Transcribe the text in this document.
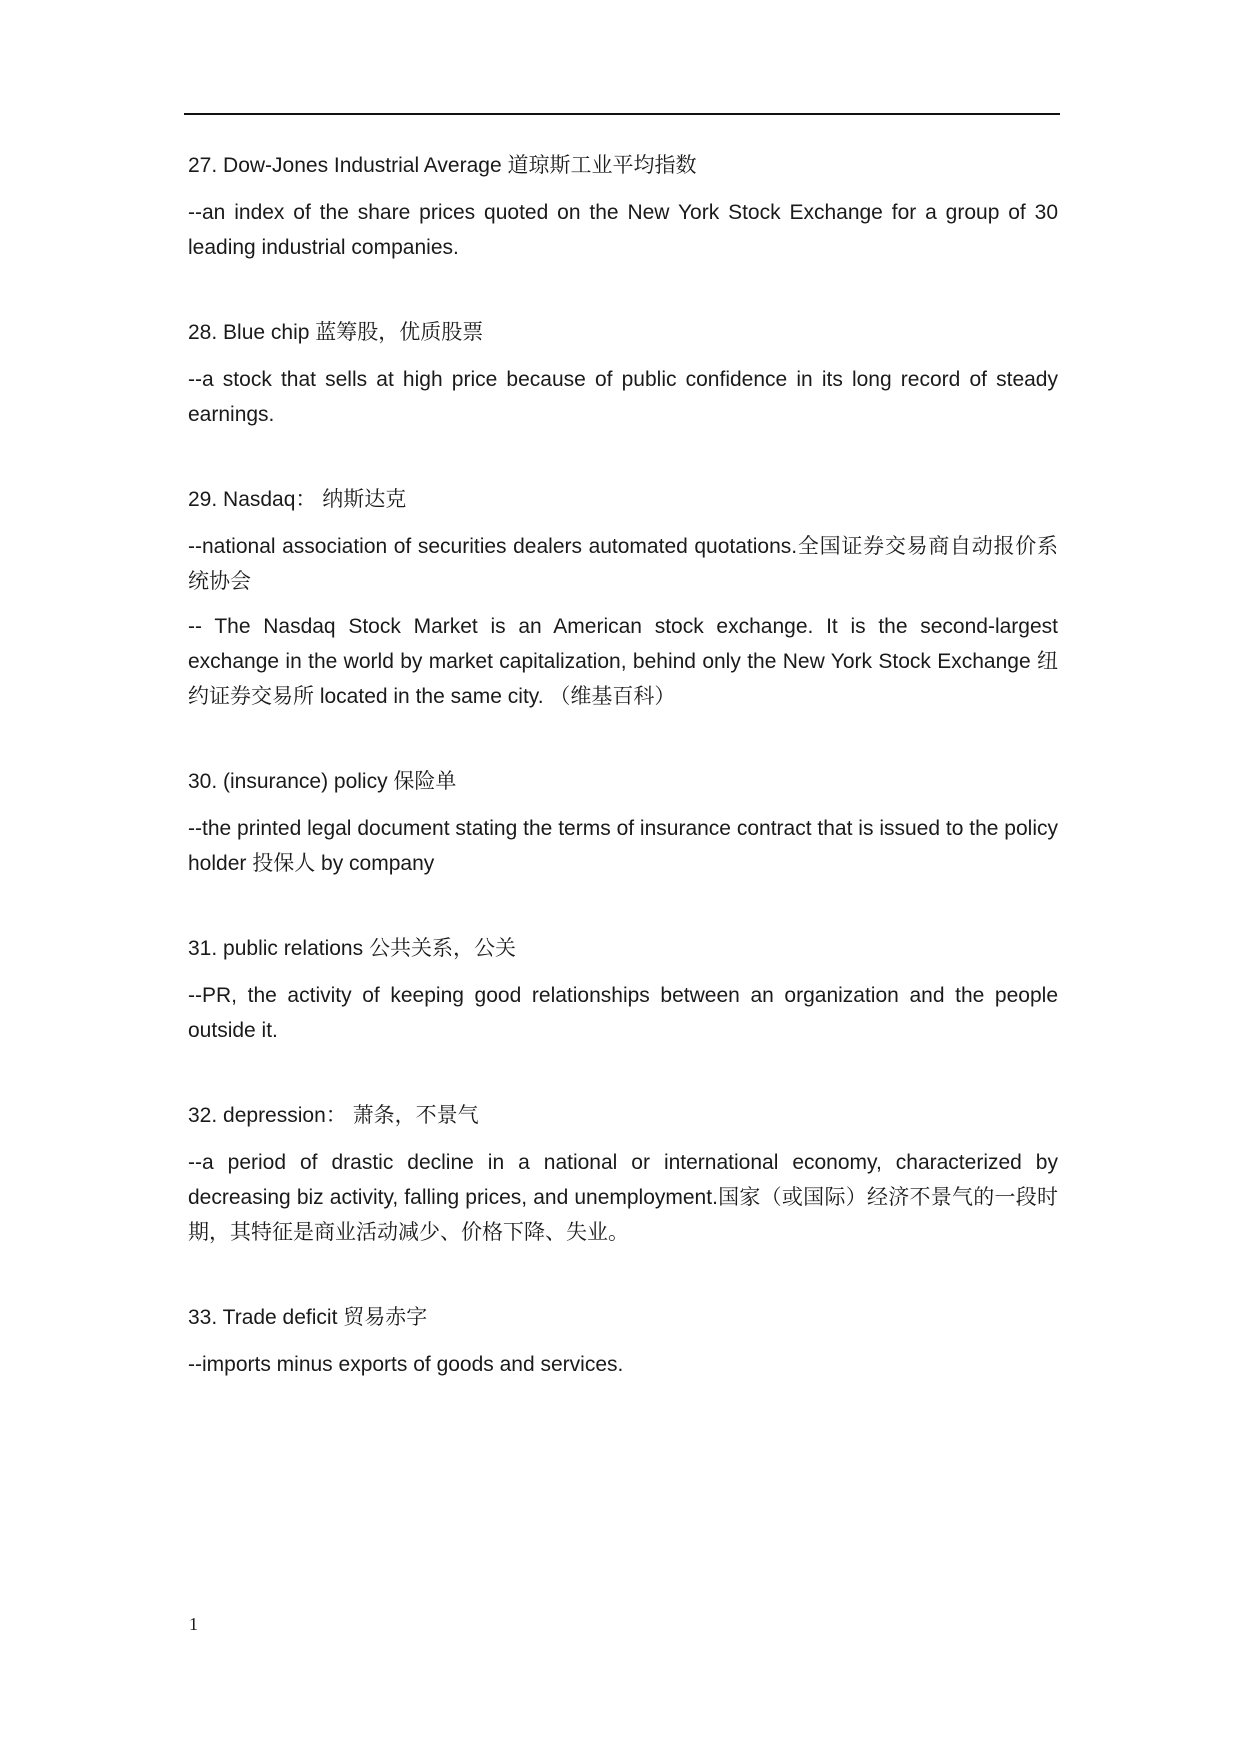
27. Dow-Jones Industrial Average 道琼斯工业平均指数

--an index of the share prices quoted on the New York Stock Exchange for a group of 30 leading industrial companies.

28. Blue chip 蓝筹股，优质股票

--a stock that sells at high price because of public confidence in its long record of steady earnings.

29. Nasdaq： 纳斯达克

--national association of securities dealers automated quotations.全国证券交易商自动报价系统协会

-- The Nasdaq Stock Market is an American stock exchange. It is the second-largest exchange in the world by market capitalization, behind only the New York Stock Exchange 纽约证券交易所 located in the same city. （维基百科）

30. (insurance) policy 保险单

--the printed legal document stating the terms of insurance contract that is issued to the policy holder 投保人 by company

31. public relations 公共关系，公关

--PR, the activity of keeping good relationships between an organization and the people outside it.

32. depression： 萧条，不景气

--a period of drastic decline in a national or international economy, characterized by decreasing biz activity, falling prices, and unemployment.国家（或国际）经济不景气的一段时期，其特征是商业活动减少、价格下降、失业。

33. Trade deficit 贸易赤字

--imports minus exports of goods and services.

1
